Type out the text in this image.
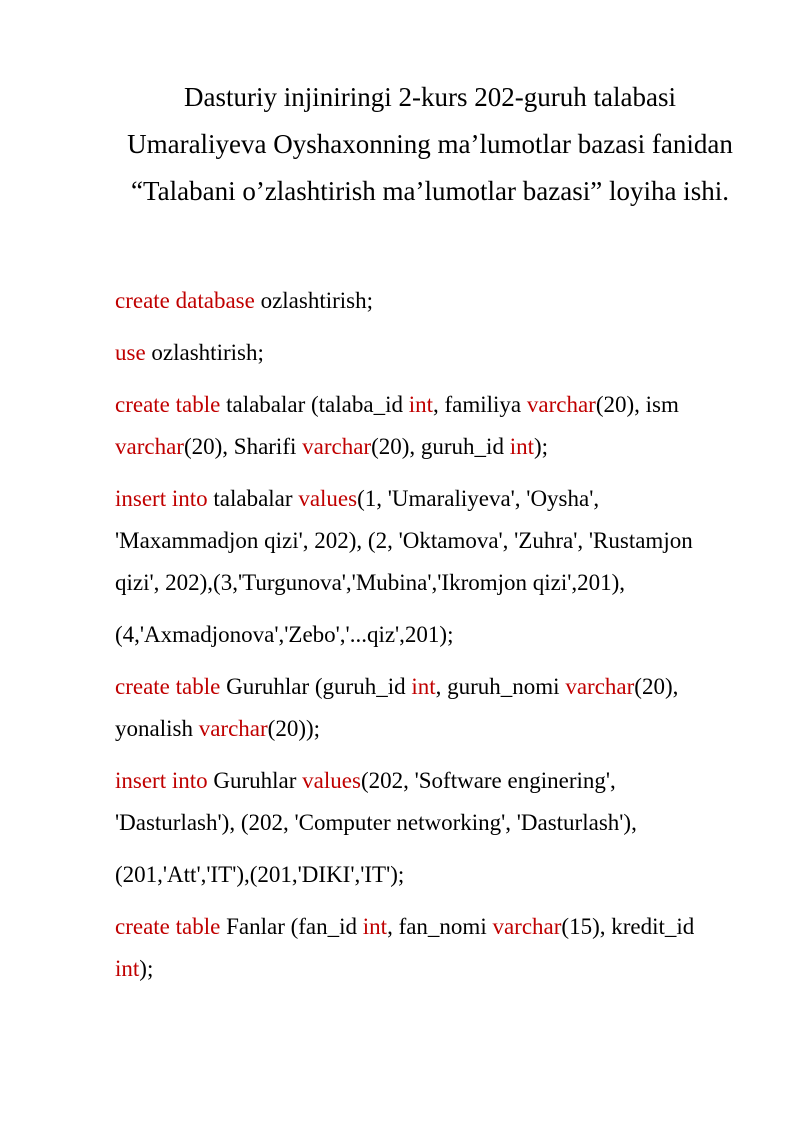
Dasturiy injiniringi 2-kurs 202-guruh talabasi
Umaraliyeva Oyshaxonning ma’lumotlar bazasi fanidan
“Talabani o’zlashtirish ma’lumotlar bazasi” loyiha ishi.

create database ozlashtirish;

use ozlashtirish;

create table talabalar (talaba_id int, familiya varchar(20), ism
varchar(20), Sharifi varchar(20), guruh_id int);

insert into talabalar values(1, 'Umaraliyeva', 'Oysha',
'Maxammadjon qizi', 202), (2, 'Oktamova', 'Zuhra', 'Rustamjon
qizi', 202),(3,'Turgunova','Mubina','Ikromjon qizi',201),

(4,'Axmadjonova','Zebo','...qiz',201);

create table Guruhlar (guruh_id int, guruh_nomi varchar(20),
yonalish varchar(20));

insert into Guruhlar values(202, 'Software enginering',
'Dasturlash'), (202, 'Computer networking', 'Dasturlash'),

(201,'Att','IT'),(201,'DIKI','IT');

create table Fanlar (fan_id int, fan_nomi varchar(15), kredit_id
int);
